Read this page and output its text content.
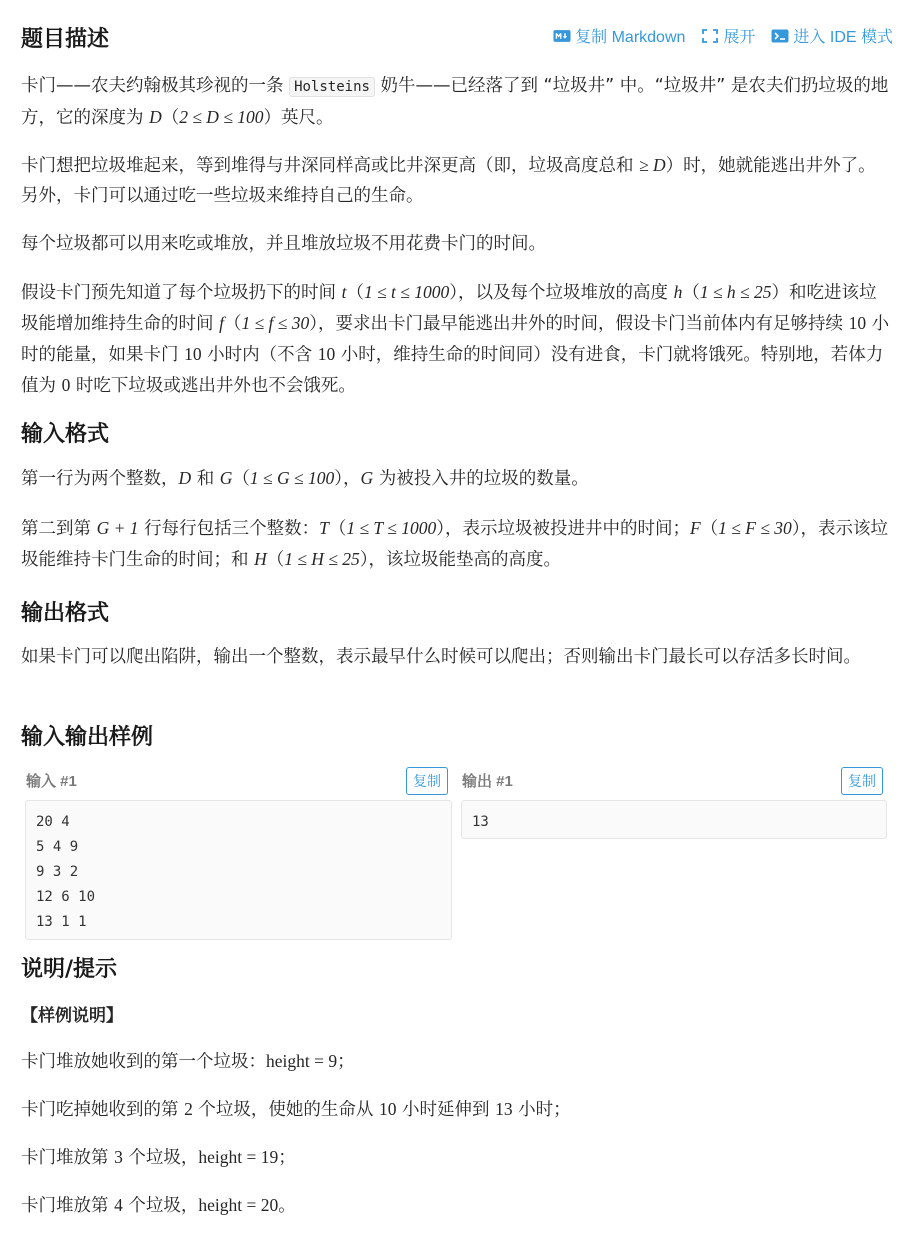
题目描述	复制 Markdown 展开 进入 IDE 模式

卡门——农夫约翰极其珍视的一条 Holsteins 奶牛——已经落了到 “垃圾井” 中。“垃圾井” 是农夫们扔垃圾的地方，它的深度为 D（2 ≤ D ≤ 100）英尺。

卡门想把垃圾堆起来，等到堆得与井深同样高或比井深更高（即，垃圾高度总和 ≥ D）时，她就能逃出井外了。另外，卡门可以通过吃一些垃圾来维持自己的生命。

每个垃圾都可以用来吃或堆放，并且堆放垃圾不用花费卡门的时间。

假设卡门预先知道了每个垃圾扔下的时间 t（1 ≤ t ≤ 1000），以及每个垃圾堆放的高度 h（1 ≤ h ≤ 25）和吃进该垃圾能增加维持生命的时间 f（1 ≤ f ≤ 30），要求出卡门最早能逃出井外的时间，假设卡门当前体内有足够持续 10 小时的能量，如果卡门 10 小时内（不含 10 小时，维持生命的时间同）没有进食，卡门就将饿死。特别地，若体力值为 0 时吃下垃圾或逃出井外也不会饿死。

输入格式

第一行为两个整数，D 和 G（1 ≤ G ≤ 100），G 为被投入井的垃圾的数量。

第二到第 G + 1 行每行包括三个整数：T（1 ≤ T ≤ 1000），表示垃圾被投进井中的时间；F（1 ≤ F ≤ 30），表示该垃圾能维持卡门生命的时间；和 H（1 ≤ H ≤ 25），该垃圾能垫高的高度。

输出格式

如果卡门可以爬出陷阱，输出一个整数，表示最早什么时候可以爬出；否则输出卡门最长可以存活多长时间。

输入输出样例
输入 #1	复制
20 4
5 4 9
9 3 2
12 6 10
13 1 1
输出 #1	复制
13
说明/提示
【样例说明】

卡门堆放她收到的第一个垃圾：height = 9；

卡门吃掉她收到的第 2 个垃圾，使她的生命从 10 小时延伸到 13 小时；

卡门堆放第 3 个垃圾，height = 19；

卡门堆放第 4 个垃圾，height = 20。
